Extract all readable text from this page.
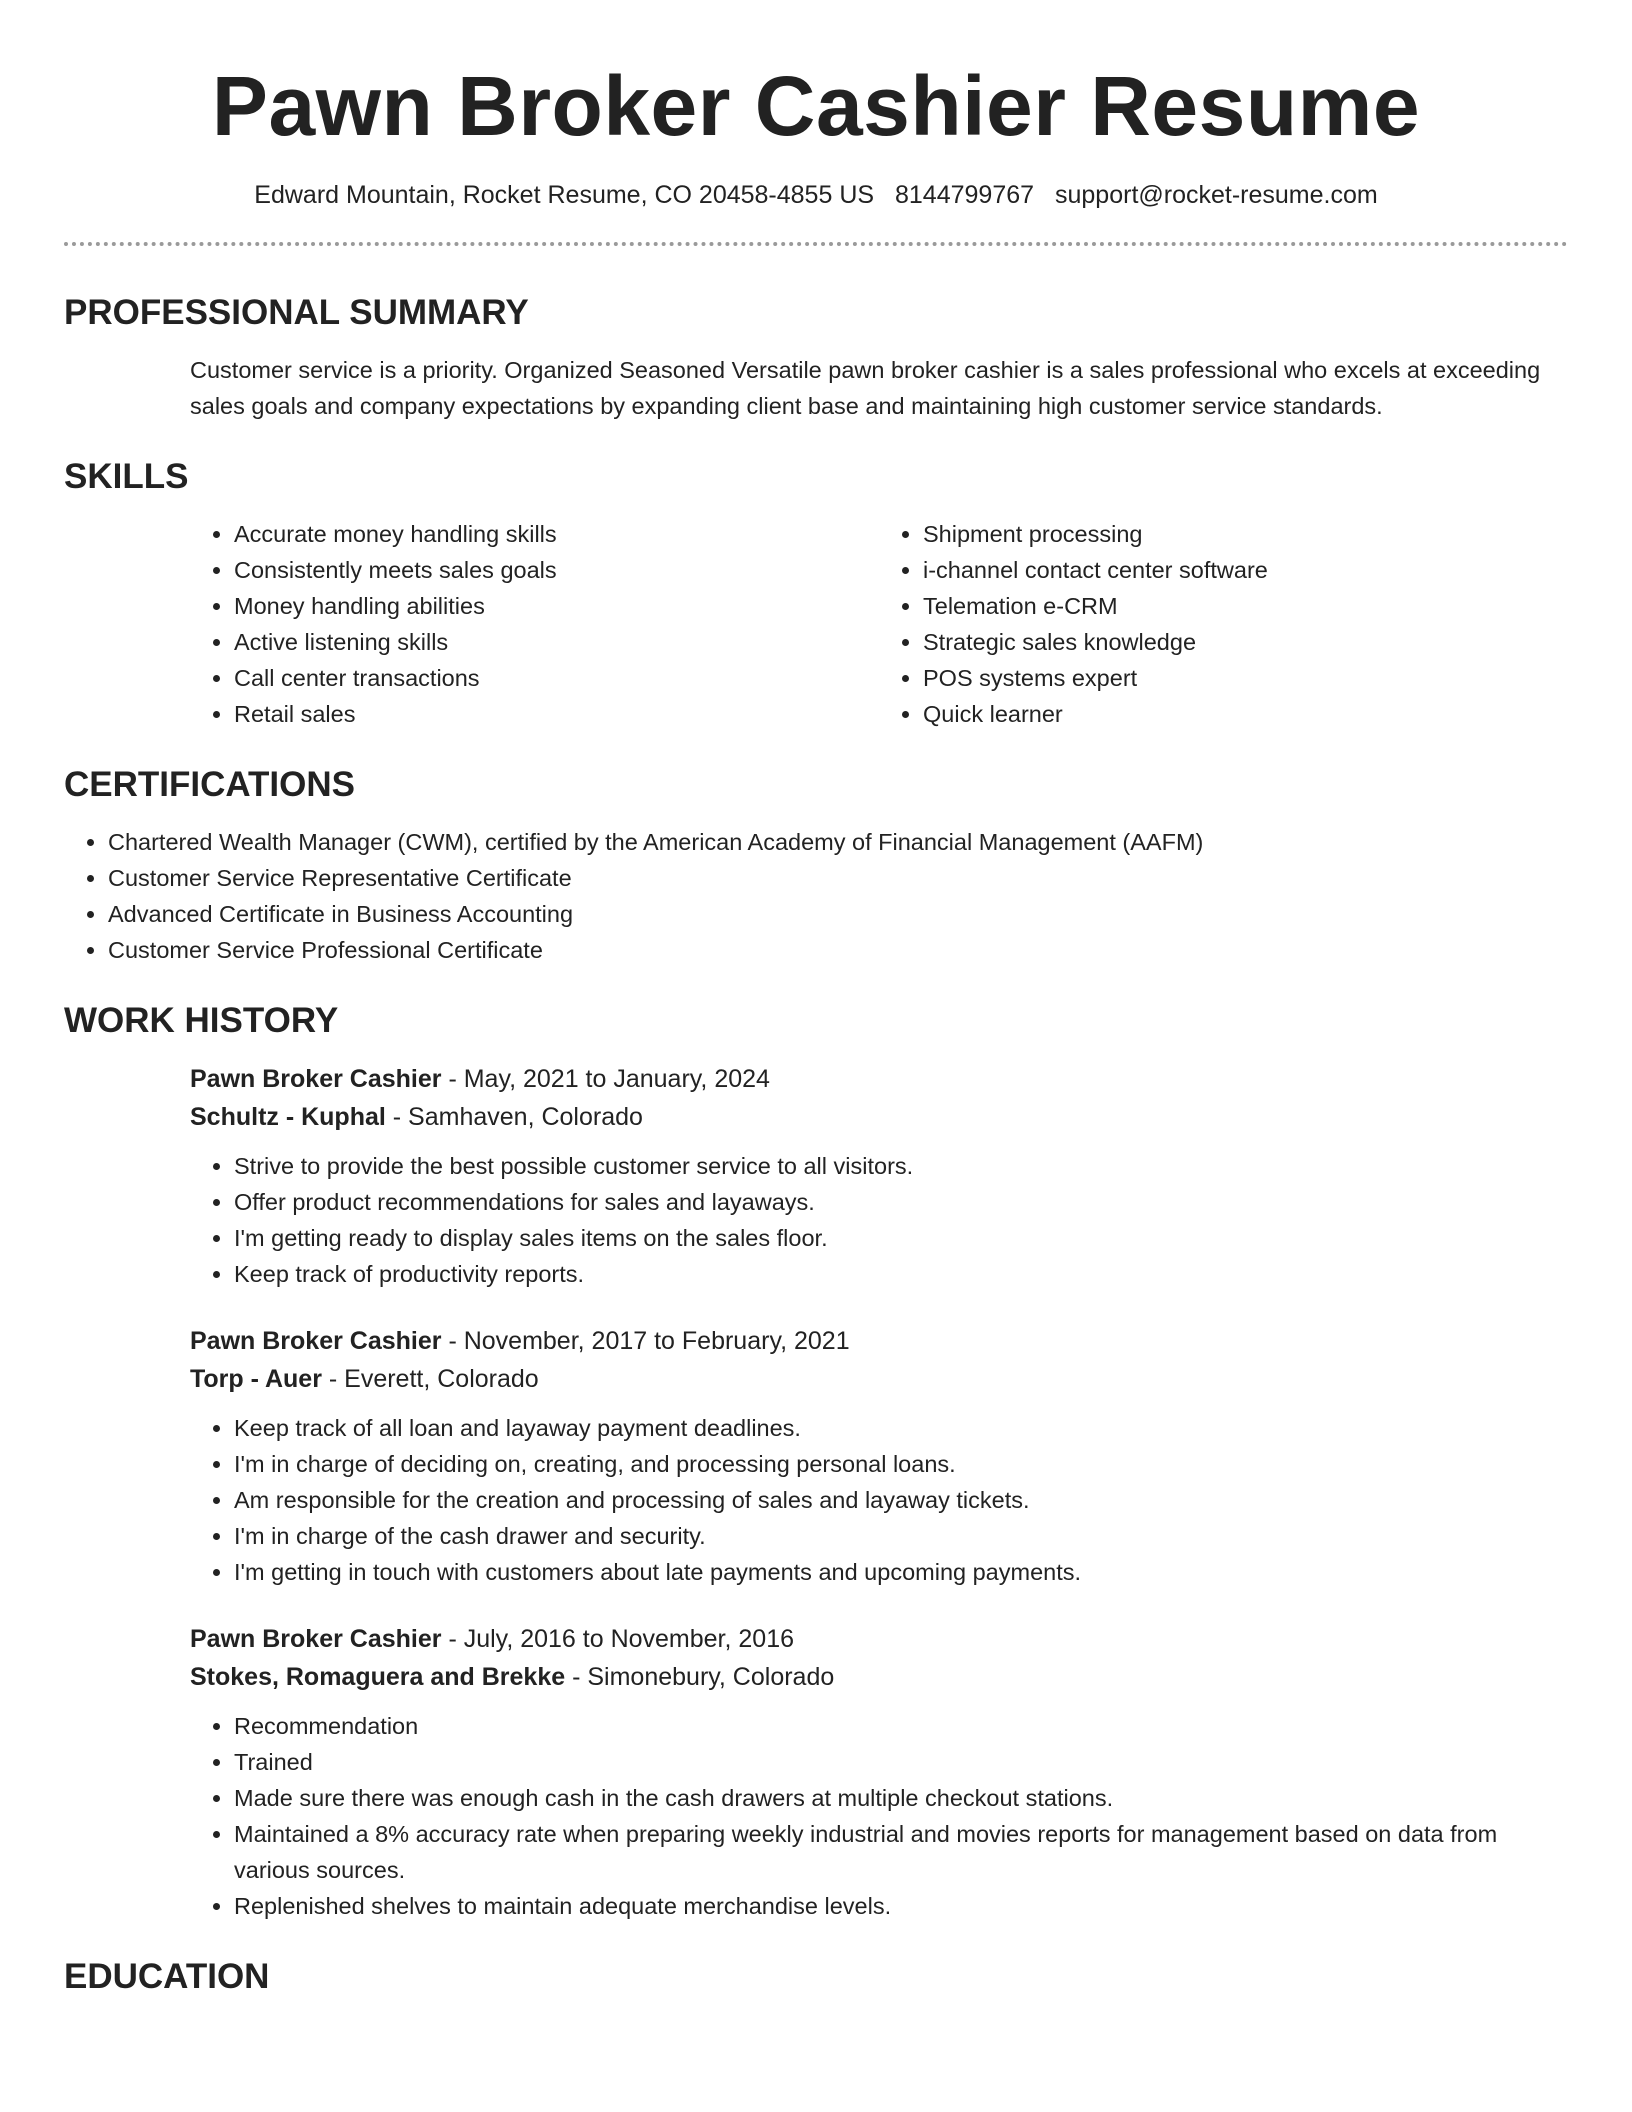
Pawn Broker Cashier Resume
Edward Mountain, Rocket Resume, CO 20458-4855 US 8144799767 support@rocket-resume.com
PROFESSIONAL SUMMARY
Customer service is a priority. Organized Seasoned Versatile pawn broker cashier is a sales professional who excels at exceeding sales goals and company expectations by expanding client base and maintaining high customer service standards.
SKILLS
• Accurate money handling skills
• Consistently meets sales goals
• Money handling abilities
• Active listening skills
• Call center transactions
• Retail sales
• Shipment processing
• i-channel contact center software
• Telemation e-CRM
• Strategic sales knowledge
• POS systems expert
• Quick learner
CERTIFICATIONS
• Chartered Wealth Manager (CWM), certified by the American Academy of Financial Management (AAFM)
• Customer Service Representative Certificate
• Advanced Certificate in Business Accounting
• Customer Service Professional Certificate
WORK HISTORY
Pawn Broker Cashier - May, 2021 to January, 2024
Schultz - Kuphal - Samhaven, Colorado
• Strive to provide the best possible customer service to all visitors.
• Offer product recommendations for sales and layaways.
• I'm getting ready to display sales items on the sales floor.
• Keep track of productivity reports.
Pawn Broker Cashier - November, 2017 to February, 2021
Torp - Auer - Everett, Colorado
• Keep track of all loan and layaway payment deadlines.
• I'm in charge of deciding on, creating, and processing personal loans.
• Am responsible for the creation and processing of sales and layaway tickets.
• I'm in charge of the cash drawer and security.
• I'm getting in touch with customers about late payments and upcoming payments.
Pawn Broker Cashier - July, 2016 to November, 2016
Stokes, Romaguera and Brekke - Simonebury, Colorado
• Recommendation
• Trained
• Made sure there was enough cash in the cash drawers at multiple checkout stations.
• Maintained a 8% accuracy rate when preparing weekly industrial and movies reports for management based on data from various sources.
• Replenished shelves to maintain adequate merchandise levels.
EDUCATION
